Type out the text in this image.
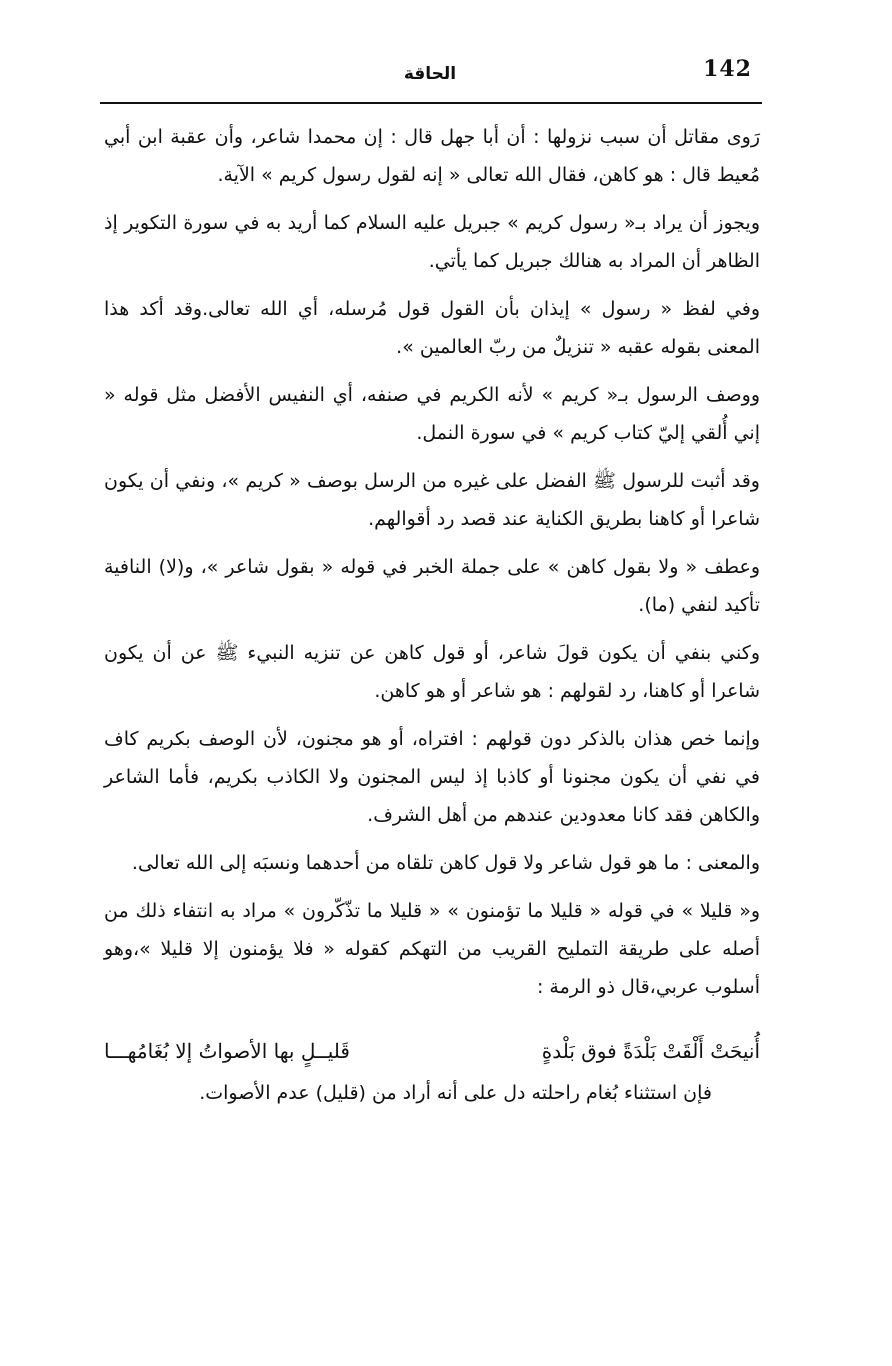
142
الحاقة

رَوى مقاتل أن سبب نزولها : أن أبا جهل قال : إن محمدا شاعر، وأن عقبة ابن أبي مُعيط قال : هو كاهن، فقال الله تعالى « إنه لقول رسول كريم » الآية.

ويجوز أن يراد بـ« رسول كريم » جبريل عليه السلام كما أريد به في سورة التكوير إذ الظاهر أن المراد به هنالك جبريل كما يأتي.

وفي لفظ « رسول » إيذان بأن القول قول مُرسله، أي الله تعالى.وقد أكد هذا المعنى بقوله عقبه « تنزيلٌ من ربّ العالمين ».

ووصف الرسول بـ« كريم » لأنه الكريم في صنفه، أي النفيس الأفضل مثل قوله « إني أُلقي إليّ كتاب كريم » في سورة النمل.

وقد أثبت للرسول ﷺ الفضل على غيره من الرسل بوصف « كريم »، ونفي أن يكون شاعرا أو كاهنا بطريق الكناية عند قصد رد أقوالهم.

وعطف « ولا بقول كاهن » على جملة الخبر في قوله « بقول شاعر »، و(لا) النافية تأكيد لنفي (ما).

وكني بنفي أن يكون قولَ شاعر، أو قول كاهن عن تنزيه النبيء ﷺ عن أن يكون شاعرا أو كاهنا، رد لقولهم : هو شاعر أو هو كاهن.

وإنما خص هذان بالذكر دون قولهم : افتراه، أو هو مجنون، لأن الوصف بكريم كاف في نفي أن يكون مجنونا أو كاذبا إذ ليس المجنون ولا الكاذب بكريم، فأما الشاعر والكاهن فقد كانا معدودين عندهم من أهل الشرف.

والمعنى : ما هو قول شاعر ولا قول كاهن تلقاه من أحدهما ونسبَه إلى الله تعالى.

و« قليلا » في قوله « قليلا ما تؤمنون » « قليلا ما تذّكّرون » مراد به انتفاء ذلك من أصله على طريقة التمليح القريب من التهكم كقوله « فلا يؤمنون إلا قليلا »،وهو أسلوب عربي،قال ذو الرمة :

أُنيحَتْ أَلْقَتْ بَلْدَةً فوق بَلْدةٍ
قَليــلٍ بها الأصواتُ إلا بُغَامُهـــا

فإن استثناء بُغام راحلته دل على أنه أراد من (قليل) عدم الأصوات.
